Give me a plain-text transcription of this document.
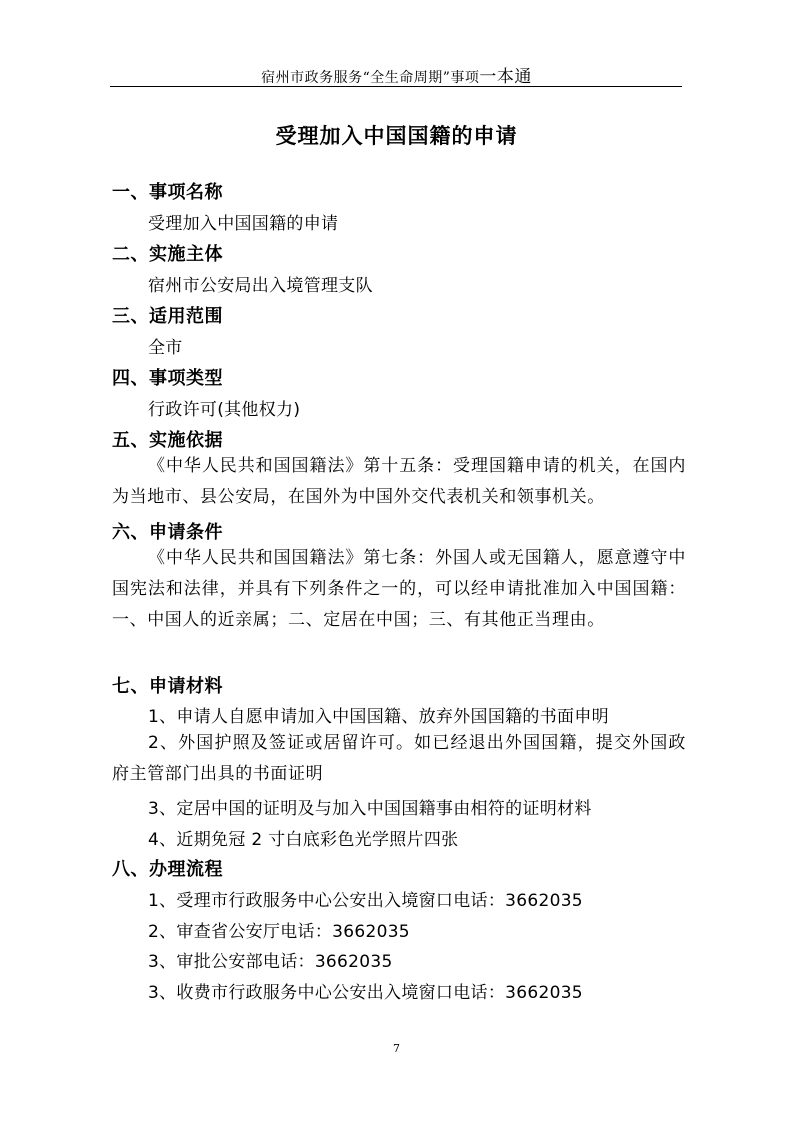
宿州市政务服务“全生命周期”事项一本通
受理加入中国国籍的申请
一、事项名称
受理加入中国国籍的申请
二、实施主体
宿州市公安局出入境管理支队
三、适用范围
全市
四、事项类型
行政许可(其他权力)
五、实施依据
《中华人民共和国国籍法》第十五条：受理国籍申请的机关，在国内为当地市、县公安局，在国外为中国外交代表机关和领事机关。
六、申请条件
《中华人民共和国国籍法》第七条：外国人或无国籍人，愿意遵守中国宪法和法律，并具有下列条件之一的，可以经申请批准加入中国国籍：一、中国人的近亲属；二、定居在中国；三、有其他正当理由。
七、申请材料
1、申请人自愿申请加入中国国籍、放弃外国国籍的书面申明
2、外国护照及签证或居留许可。如已经退出外国国籍，提交外国政府主管部门出具的书面证明
3、定居中国的证明及与加入中国国籍事由相符的证明材料
4、近期免冠 2 寸白底彩色光学照片四张
八、办理流程
1、受理市行政服务中心公安出入境窗口电话：3662035
2、审查省公安厅电话：3662035
3、审批公安部电话：3662035
3、收费市行政服务中心公安出入境窗口电话：3662035
7
